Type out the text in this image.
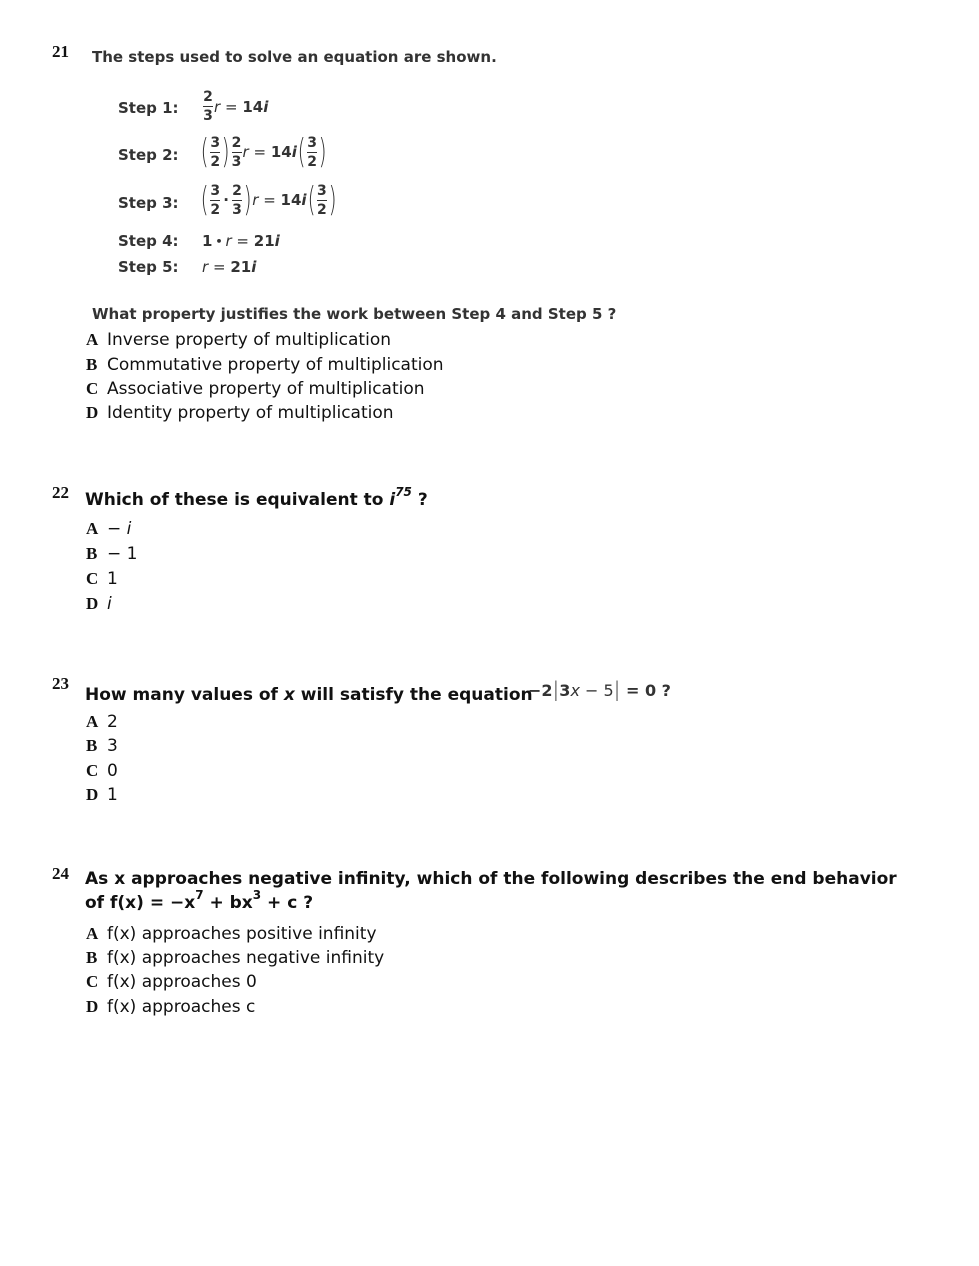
21 The steps used to solve an equation are shown.
Step 1: $\frac{2}{3}$ r
=
14 i
Step 2: ( $\frac{3}{2}$ ) $\frac{2}{3}$ r
=
14 i ( $\frac{3}{2}$ )
Step 3: ( $\frac{3}{2} \cdot \frac{2}{3}$ ) r
=
14 i ( $\frac{3}{2}$ )
Step 4: 1 • r
=
21 i
Step 5: r
=
21 i
What property justifies the work between Step 4 and Step 5 ?
A Inverse property of multiplication
B Commutative property of multiplication
C Associative property of multiplication
D Identity property of multiplication
22 Which of these is equivalent to $i^{75}$ ?
A − i
B − 1
C 1
D i
23
How many values of x will satisfy the equation
−2|3x − 5| = 0 ?
A 2
B 3
C 0
D 1
24 As x approaches negative infinity, which of the following describes the end behavior
of $f(x) = -x^7 + bx^3 + c$ ?
A f(x) approaches positive infinity
B f(x) approaches negative infinity
C f(x) approaches 0
D f(x) approaches c
